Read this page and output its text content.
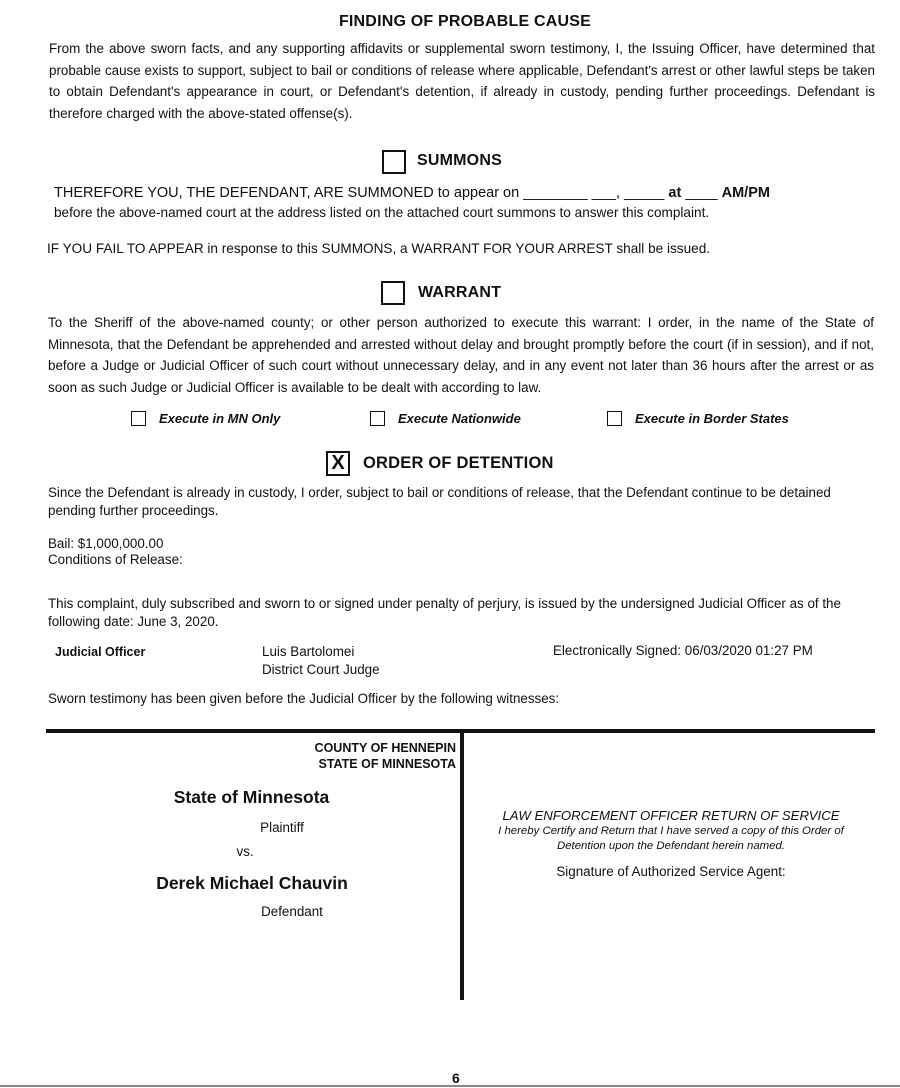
FINDING OF PROBABLE CAUSE
From the above sworn facts, and any supporting affidavits or supplemental sworn testimony, I, the Issuing Officer, have determined that probable cause exists to support, subject to bail or conditions of release where applicable, Defendant's arrest or other lawful steps be taken to obtain Defendant's appearance in court, or Defendant's detention, if already in custody, pending further proceedings. Defendant is therefore charged with the above-stated offense(s).
SUMMONS
THEREFORE YOU, THE DEFENDANT, ARE SUMMONED to appear on ________ ___, _____ at ____ AM/PM
before the above-named court at the address listed on the attached court summons to answer this complaint.
IF YOU FAIL TO APPEAR in response to this SUMMONS, a WARRANT FOR YOUR ARREST shall be issued.
WARRANT
To the Sheriff of the above-named county; or other person authorized to execute this warrant: I order, in the name of the State of Minnesota, that the Defendant be apprehended and arrested without delay and brought promptly before the court (if in session), and if not, before a Judge or Judicial Officer of such court without unnecessary delay, and in any event not later than 36 hours after the arrest or as soon as such Judge or Judicial Officer is available to be dealt with according to law.
Execute in MN Only	Execute Nationwide	Execute in Border States
X	ORDER OF DETENTION
Since the Defendant is already in custody, I order, subject to bail or conditions of release, that the Defendant continue to be detained pending further proceedings.
Bail: $1,000,000.00
Conditions of Release:
This complaint, duly subscribed and sworn to or signed under penalty of perjury, is issued by the undersigned Judicial Officer as of the following date: June 3, 2020.
Judicial Officer	Luis Bartolomei
District Court Judge
Electronically Signed: 06/03/2020 01:27 PM
Sworn testimony has been given before the Judicial Officer by the following witnesses:
COUNTY OF HENNEPIN
STATE OF MINNESOTA
State of Minnesota
Plaintiff
vs.
Derek Michael Chauvin
Defendant
LAW ENFORCEMENT OFFICER RETURN OF SERVICE
I hereby Certify and Return that I have served a copy of this Order of
Detention upon the Defendant herein named.
Signature of Authorized Service Agent:
6
